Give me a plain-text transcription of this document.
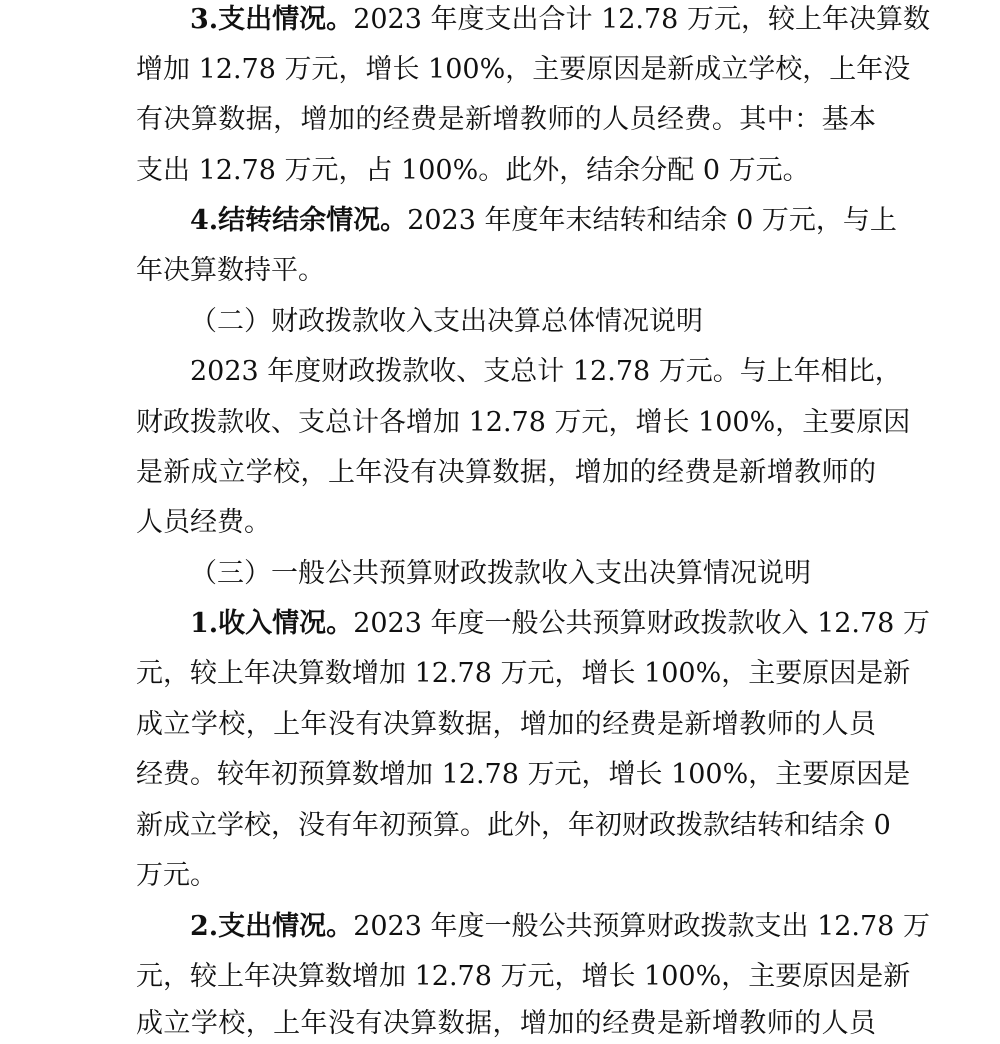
3.支出情况。2023 年度支出合计 12.78 万元，较上年决算数
增加 12.78 万元，增长 100%，主要原因是新成立学校，上年没
有决算数据，增加的经费是新增教师的人员经费。其中：基本
支出 12.78 万元，占 100%。此外，结余分配 0 万元。
4.结转结余情况。2023 年度年末结转和结余 0 万元，与上
年决算数持平。
（二）财政拨款收入支出决算总体情况说明
2023 年度财政拨款收、支总计 12.78 万元。与上年相比，
财政拨款收、支总计各增加 12.78 万元，增长 100%，主要原因
是新成立学校，上年没有决算数据，增加的经费是新增教师的
人员经费。
（三）一般公共预算财政拨款收入支出决算情况说明
1.收入情况。2023 年度一般公共预算财政拨款收入 12.78 万
元，较上年决算数增加 12.78 万元，增长 100%，主要原因是新
成立学校，上年没有决算数据，增加的经费是新增教师的人员
经费。较年初预算数增加 12.78 万元，增长 100%，主要原因是
新成立学校，没有年初预算。此外，年初财政拨款结转和结余 0
万元。
2.支出情况。2023 年度一般公共预算财政拨款支出 12.78 万
元，较上年决算数增加 12.78 万元，增长 100%，主要原因是新
成立学校，上年没有决算数据，增加的经费是新增教师的人员
